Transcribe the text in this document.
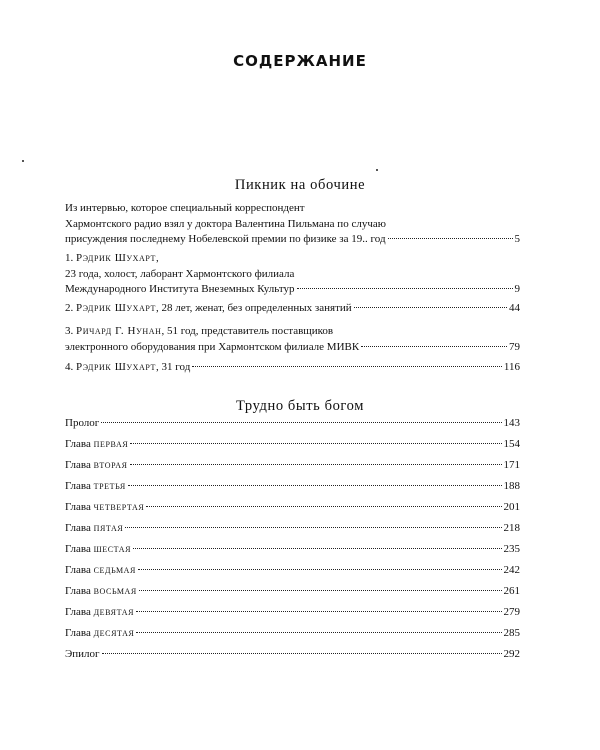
СОДЕРЖАНИЕ
Пикник на обочине
Из интервью, которое специальный корреспондент
Хармонтского радио взял у доктора Валентина Пильмана по случаю
присуждения последнему Нобелевской премии по физике за 19.. год	5
1. Рэдрик Шухарт,
23 года, холост, лаборант Хармонтского филиала
Международного Института Внеземных Культур	9
2. Рэдрик Шухарт, 28 лет, женат, без определенных занятий	44
3. Ричард Г. Нунан, 51 год, представитель поставщиков
электронного оборудования при Хармонтском филиале МИВК	79
4. Рэдрик Шухарт, 31 год	116
Трудно быть богом
Пролог	143
Глава первая	154
Глава вторая	171
Глава третья	188
Глава четвертая	201
Глава пятая	218
Глава шестая	235
Глава седьмая	242
Глава восьмая	261
Глава девятая	279
Глава десятая	285
Эпилог	292
